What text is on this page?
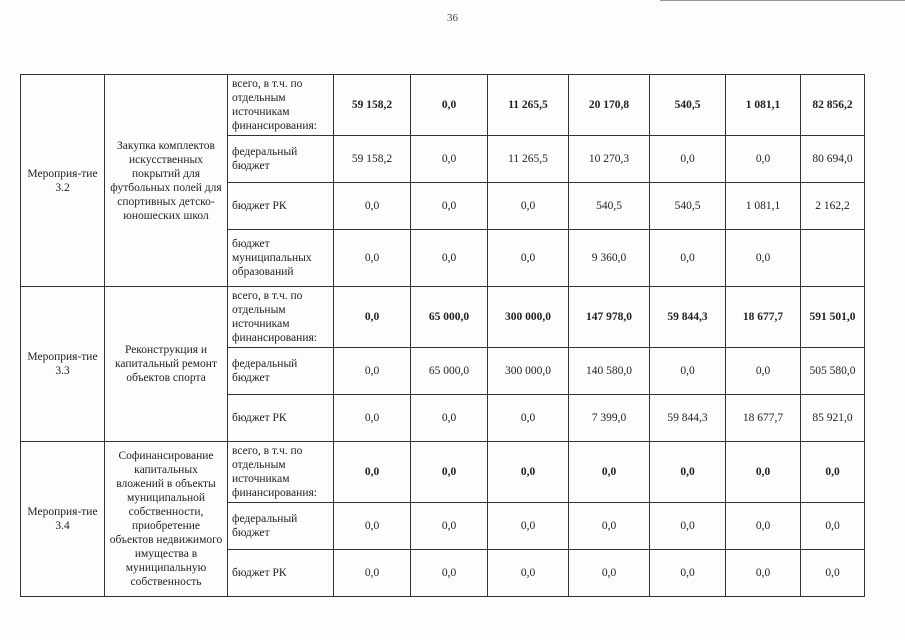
36
Мероприя-тие 3.2	Закупка комплектов искусственных покрытий для футбольных полей для спортивных детско-юношеских школ	всего, в т.ч. по отдельным источникам финансирования:	59 158,2	0,0	11 265,5	20 170,8	540,5	1 081,1	82 856,2
		федеральный бюджет	59 158,2	0,0	11 265,5	10 270,3	0,0	0,0	80 694,0
		бюджет РК	0,0	0,0	0,0	540,5	540,5	1 081,1	2 162,2
		бюджет муниципальных образований	0,0	0,0	0,0	9 360,0	0,0	0,0	
Мероприя-тие 3.3	Реконструкция и капитальный ремонт объектов спорта	всего, в т.ч. по отдельным источникам финансирования:	0,0	65 000,0	300 000,0	147 978,0	59 844,3	18 677,7	591 501,0
		федеральный бюджет	0,0	65 000,0	300 000,0	140 580,0	0,0	0,0	505 580,0
		бюджет РК	0,0	0,0	0,0	7 399,0	59 844,3	18 677,7	85 921,0
Мероприя-тие 3.4	Софинансирование капитальных вложений в объекты муниципальной собственности, приобретение объектов недвижимого имущества в муниципальную собственность	всего, в т.ч. по отдельным источникам финансирования:	0,0	0,0	0,0	0,0	0,0	0,0	0,0
		федеральный бюджет	0,0	0,0	0,0	0,0	0,0	0,0	0,0
		бюджет РК	0,0	0,0	0,0	0,0	0,0	0,0	0,0
